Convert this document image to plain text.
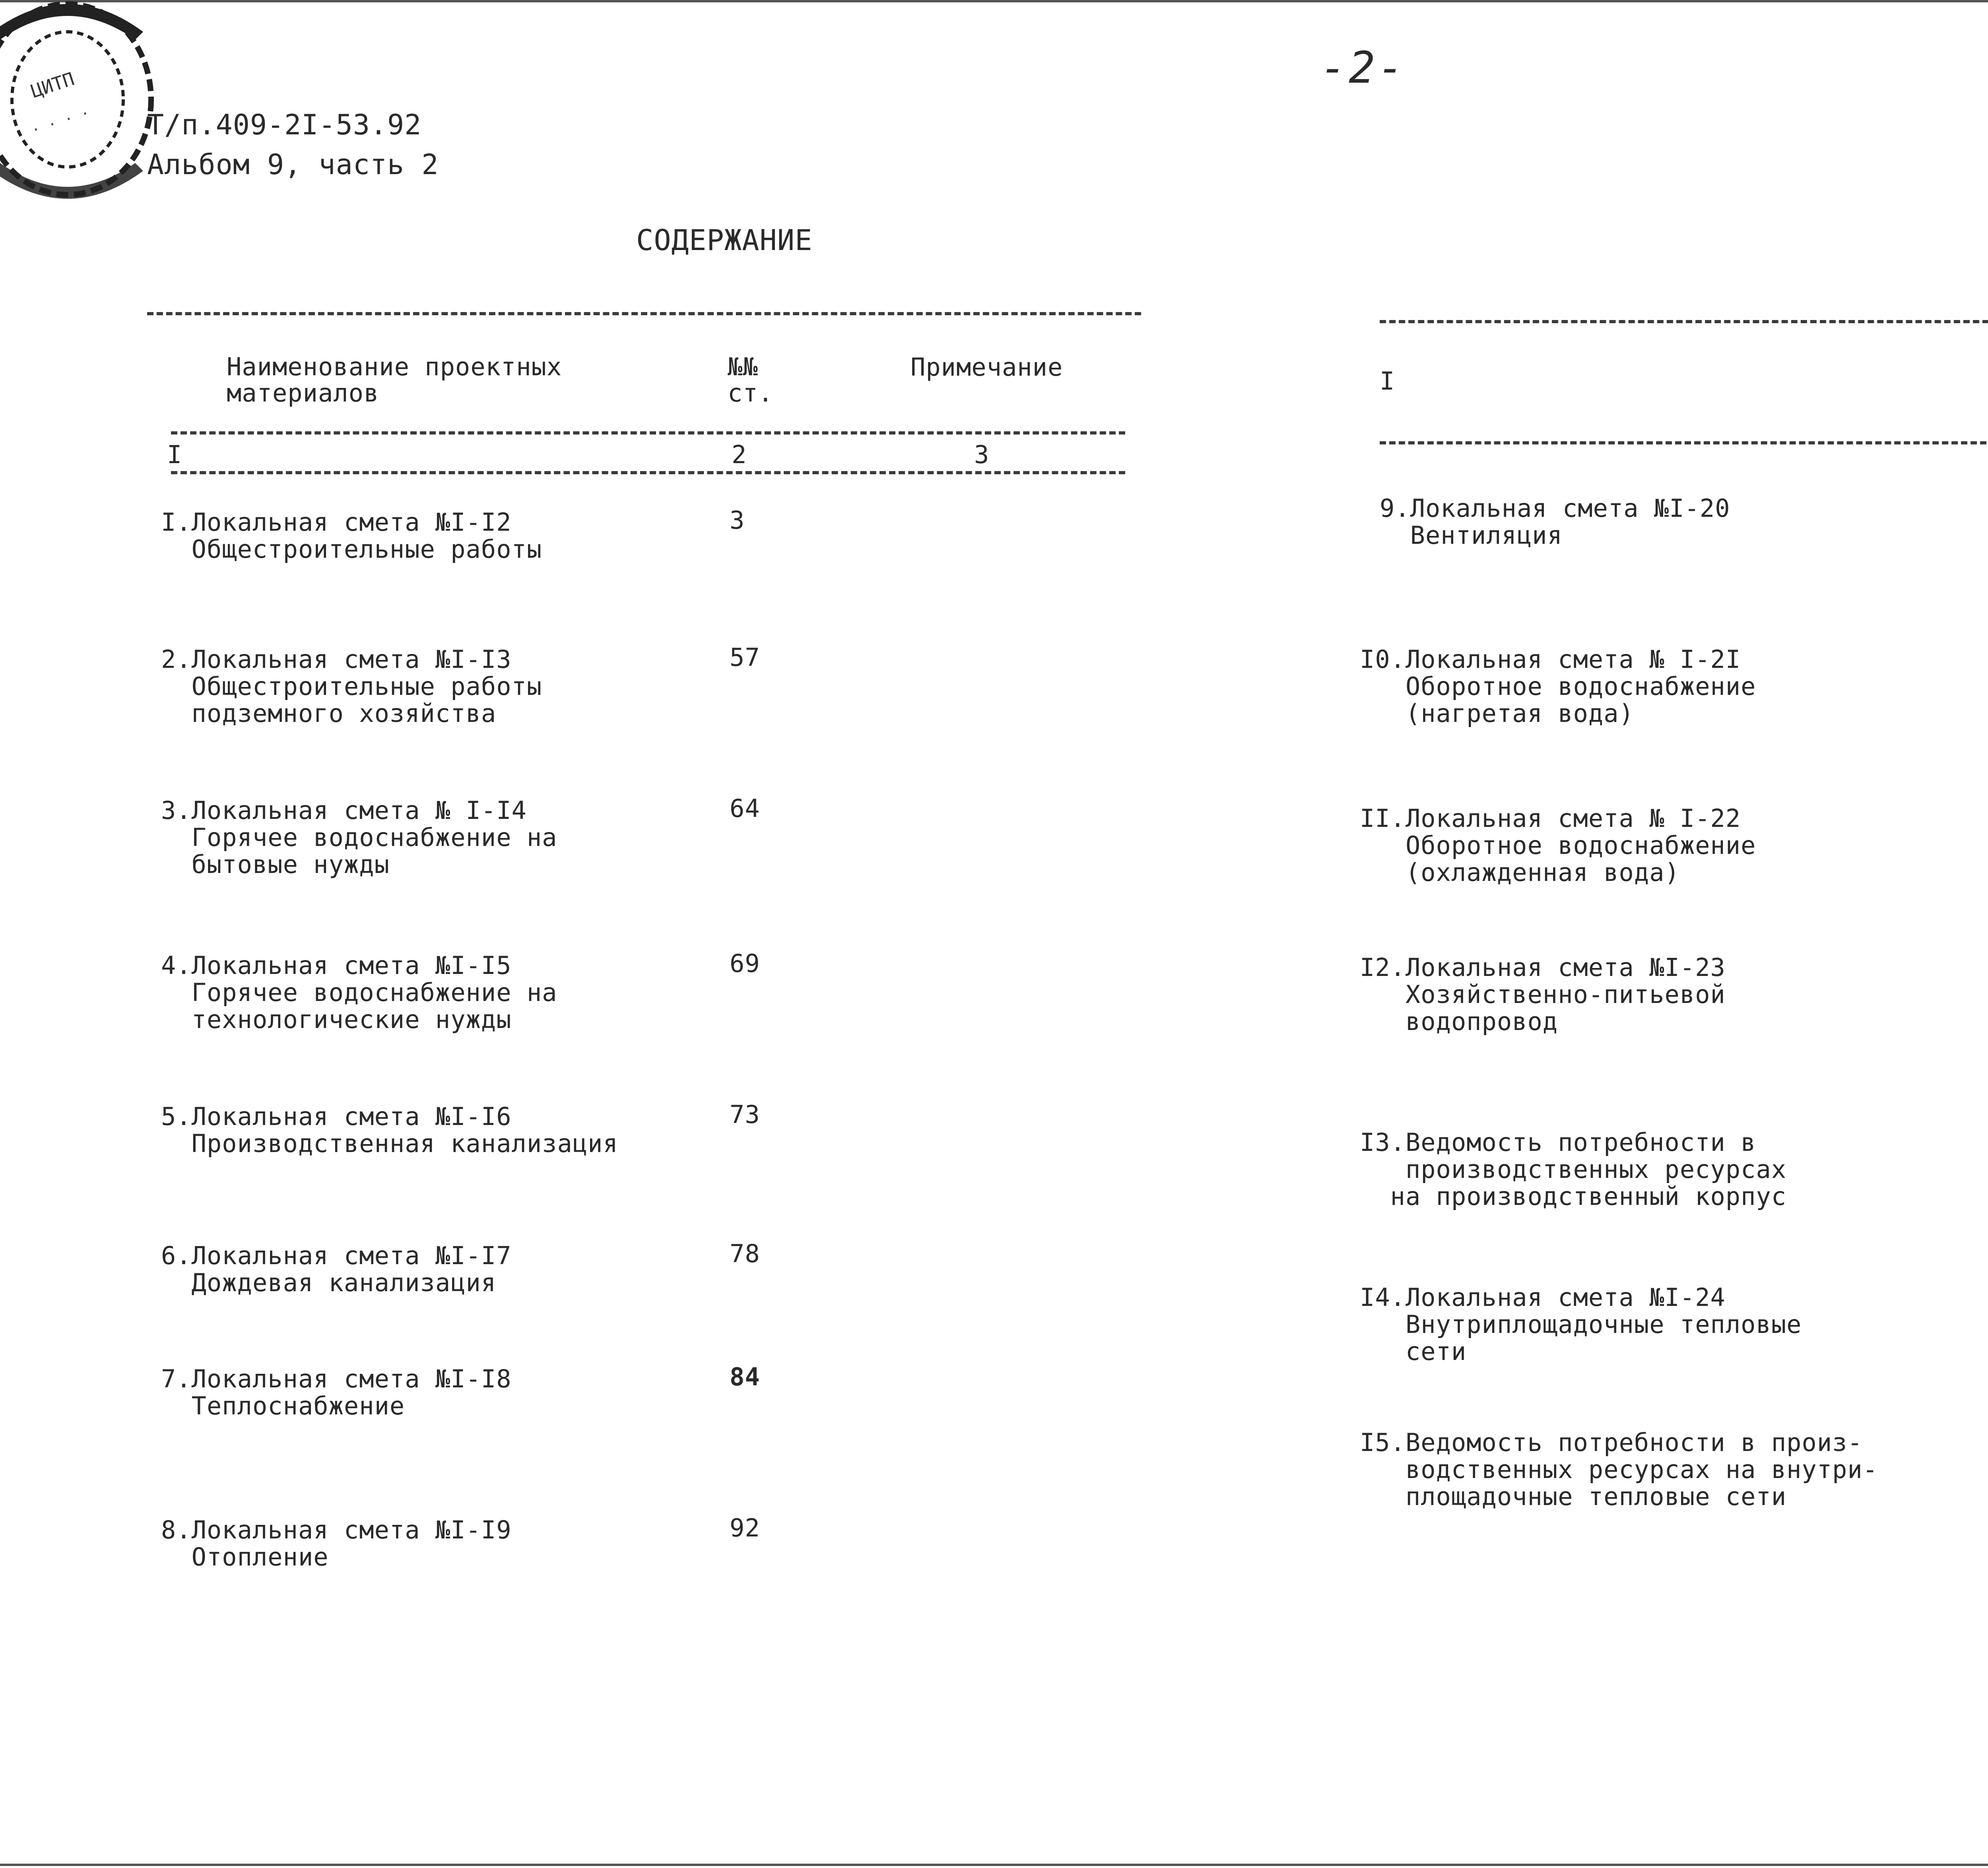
ЦИТП
· · · ·
-2-
Т/п.409-2I-53.92
Альбом 9, часть 2
СОДЕРЖАНИЕ
Наименование проектных
материалов
№№
ст.
Примечание
I	2	3
I.Локальная смета №I-I2
Общестроительные работы
3
2.Локальная смета №I-I3
Общестроительные работы
подземного хозяйства
57
3.Локальная смета № I-I4
Горячее водоснабжение на
бытовые нужды
64
4.Локальная смета №I-I5
Горячее водоснабжение на
технологические нужды
69
5.Локальная смета №I-I6
Производственная канализация
73
6.Локальная смета №I-I7
Дождевая канализация
78
7.Локальная смета №I-I8
Теплоснабжение
84
8.Локальная смета №I-I9
Отопление
92
I
9.Локальная смета №I-20
Вентиляция
I0.Локальная смета № I-2I
Оборотное водоснабжение
(нагретая вода)
II.Локальная смета № I-22
Оборотное водоснабжение
(охлажденная вода)
I2.Локальная смета №I-23
Хозяйственно-питьевой
водопровод
I3.Ведомость потребности в
производственных ресурсах
на производственный корпус
I4.Локальная смета №I-24
Внутриплощадочные тепловые
сети
I5.Ведомость потребности в произ-
водственных ресурсах на внутри-
площадочные тепловые сети
